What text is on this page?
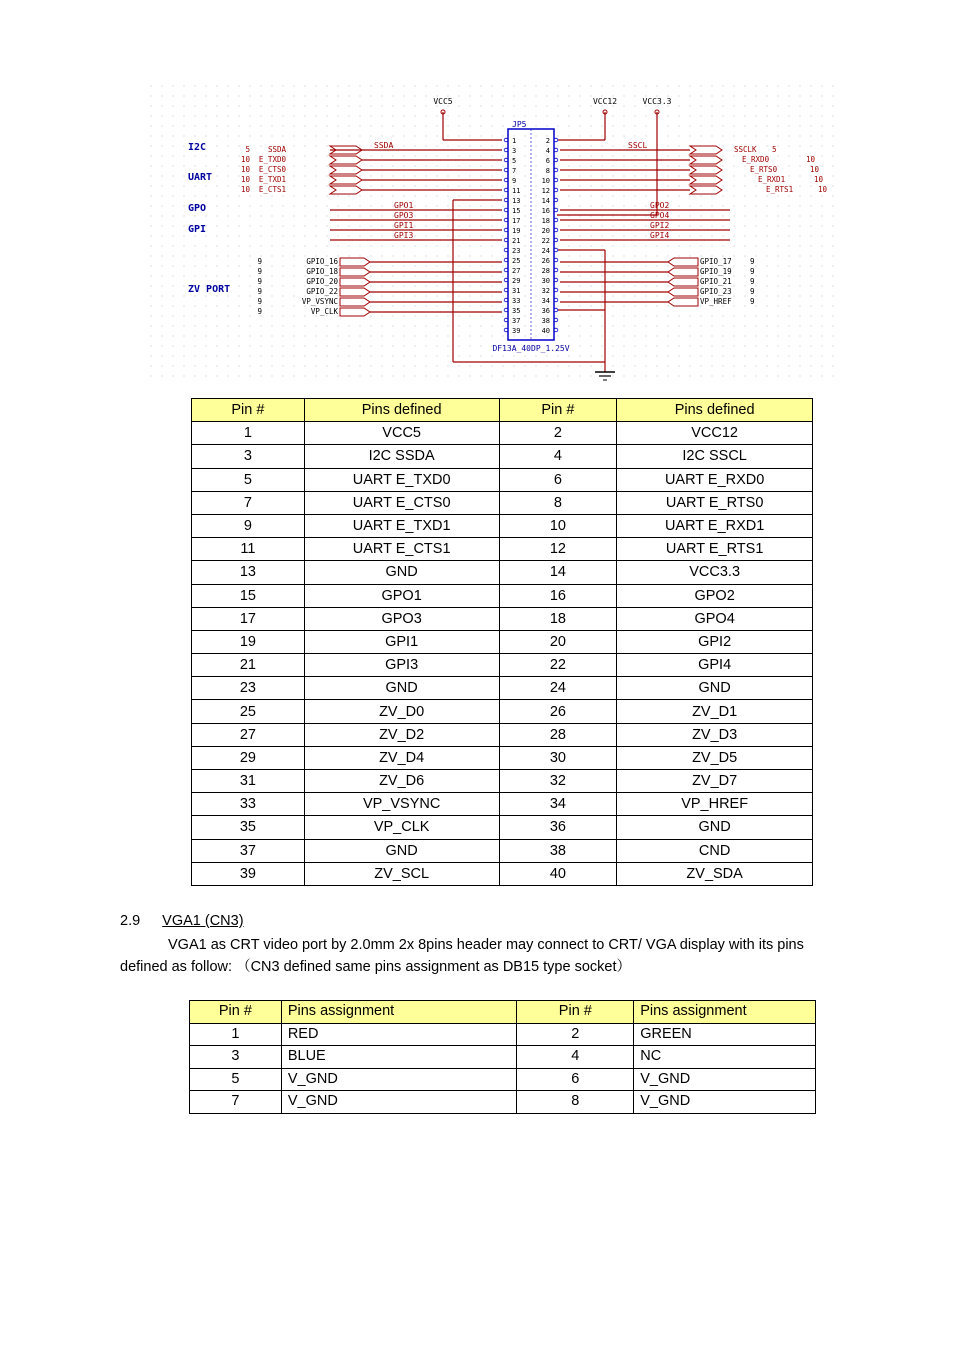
VCC5	VCC12	VCC3.3
JP5
DF13A_40DP_1.25V
1
3
5
7
9
11
13
15
17
19
21
23
25
27
29
31
33
35
37
39
2
4
6
8
10
12
14
16
18
20
22
24
26
28
30
32
34
36
38
40
I2C
UART
GPO
GPI
ZV PORT
SSDA
GPO1
GPO3
GPI1
GPI3
SSCL
GPO2
GPO4
GPI2
GPI4
SSDA
5
E_TXD0
10
E_CTS0
10
E_TXD1
10
E_CTS1
10
SSCLK 5
E_RXD0	10
E_RTS0	10
E_RXD1	10
E_RTS1	10
GPIO_16
9
GPIO_18
9
GPIO_20
9
GPIO_22
9
VP_VSYNC
9
VP_CLK
9
GPIO_17 9
GPIO_19 9
GPIO_21 9
GPIO_23 9
VP_HREF 9
Pin #	Pins defined	Pin #	Pins defined
1	VCC5	2	VCC12
3	I2C SSDA	4	I2C SSCL
5	UART E_TXD0	6	UART E_RXD0
7	UART E_CTS0	8	UART E_RTS0
9	UART E_TXD1	10	UART E_RXD1
11	UART E_CTS1	12	UART E_RTS1
13	GND	14	VCC3.3
15	GPO1	16	GPO2
17	GPO3	18	GPO4
19	GPI1	20	GPI2
21	GPI3	22	GPI4
23	GND	24	GND
25	ZV_D0	26	ZV_D1
27	ZV_D2	28	ZV_D3
29	ZV_D4	30	ZV_D5
31	ZV_D6	32	ZV_D7
33	VP_VSYNC	34	VP_HREF
35	VP_CLK	36	GND
37	GND	38	CND
39	ZV_SCL	40	ZV_SDA
2.9 VGA1 (CN3)
VGA1 as CRT video port by 2.0mm 2x 8pins header may connect to CRT/ VGA display with its pins
defined as follow: （CN3 defined same pins assignment as DB15 type socket）
Pin #	Pins assignment	Pin #	Pins assignment
1	RED	2	GREEN
3	BLUE	4	NC
5	V_GND	6	V_GND
7	V_GND	8	V_GND
